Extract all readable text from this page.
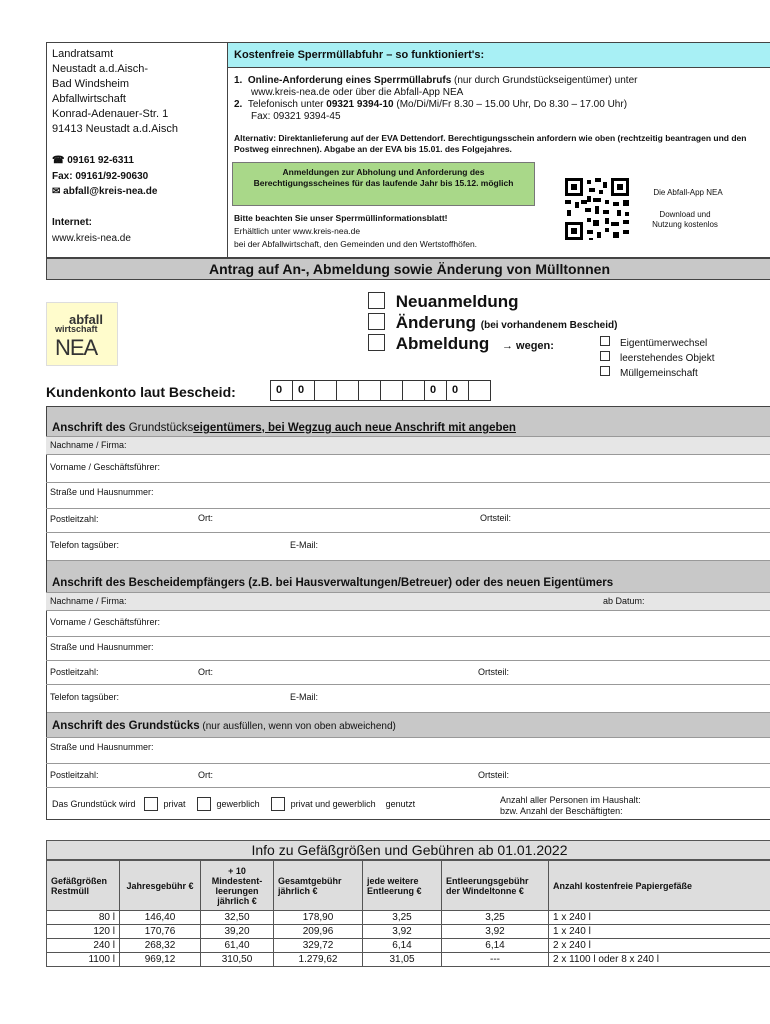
Landratsamt
Neustadt a.d.Aisch-
Bad Windsheim
Abfallwirtschaft
Konrad-Adenauer-Str. 1
91413 Neustadt a.d.Aisch
☎ 09161 92-6311
Fax: 09161/92-90630
✉ abfall@kreis-nea.de
Internet:
www.kreis-nea.de
Kostenfreie Sperrmüllabfuhr – so funktioniert's:
1.  Online-Anforderung eines Sperrmüllabrufs (nur durch Grundstückseigentümer) unter
www.kreis-nea.de oder über die Abfall-App NEA
2.  Telefonisch unter 09321 9394-10 (Mo/Di/Mi/Fr 8.30 – 15.00 Uhr, Do 8.30 – 17.00 Uhr)
Fax: 09321 9394-45
Alternativ: Direktanlieferung auf der EVA Dettendorf. Berechtigungsschein anfordern wie oben (rechtzeitig beantragen und den Postweg einrechnen). Abgabe an der EVA bis 15.01. des Folgejahres.
Anmeldungen zur Abholung und Anforderung des Berechtigungsscheines für das laufende Jahr bis 15.12. möglich
Die Abfall-App NEA
Download und Nutzung kostenlos
Bitte beachten Sie unser Sperrmüllinformationsblatt!
Erhältlich unter www.kreis-nea.de
bei der Abfallwirtschaft, den Gemeinden und den Wertstoffhöfen.
Antrag auf An-, Abmeldung sowie Änderung von Mülltonnen
abfall
wirtschaft
NEA
Neuanmeldung
Änderung (bei vorhandenem Bescheid)
Abmeldung → wegen:	Eigentümerwechsel
leerstehendes Objekt
Müllgemeinschaft
Kundenkonto laut Bescheid:	0	0	0	0
Anschrift des Grundstückseigentümers, bei Wegzug auch neue Anschrift mit angeben
Nachname / Firma:
Vorname / Geschäftsführer:
Straße und Hausnummer:
Postleitzahl:	Ort:	Ortsteil:
Telefon tagsüber:	E-Mail:
Anschrift des Bescheidempfängers (z.B. bei Hausverwaltungen/Betreuer) oder des neuen Eigentümers
Nachname / Firma:	ab Datum:
Vorname / Geschäftsführer:
Straße und Hausnummer:
Postleitzahl:	Ort:	Ortsteil:
Telefon tagsüber:	E-Mail:
Anschrift des Grundstücks (nur ausfüllen, wenn von oben abweichend)
Straße und Hausnummer:
Postleitzahl:	Ort:	Ortsteil:
Das Grundstück wird	privat	gewerblich	privat und gewerblich genutzt	Anzahl aller Personen im Haushalt:
bzw. Anzahl der Beschäftigten:
Info zu Gefäßgrößen und Gebühren ab 01.01.2022
Gefäßgrößen Restmüll	Jahresgebühr €	+ 10 Mindestent-leerungen jährlich €	Gesamtgebühr jährlich €	jede weitere Entleerung €	Entleerungsgebühr der Windeltonne €	Anzahl kostenfreie Papiergefäße
80 l	146,40	32,50	178,90	3,25	3,25	1 x 240 l
120 l	170,76	39,20	209,96	3,92	3,92	1 x 240 l
240 l	268,32	61,40	329,72	6,14	6,14	2 x 240 l
1100 l	969,12	310,50	1.279,62	31,05	---	2 x 1100 l oder 8 x 240 l
